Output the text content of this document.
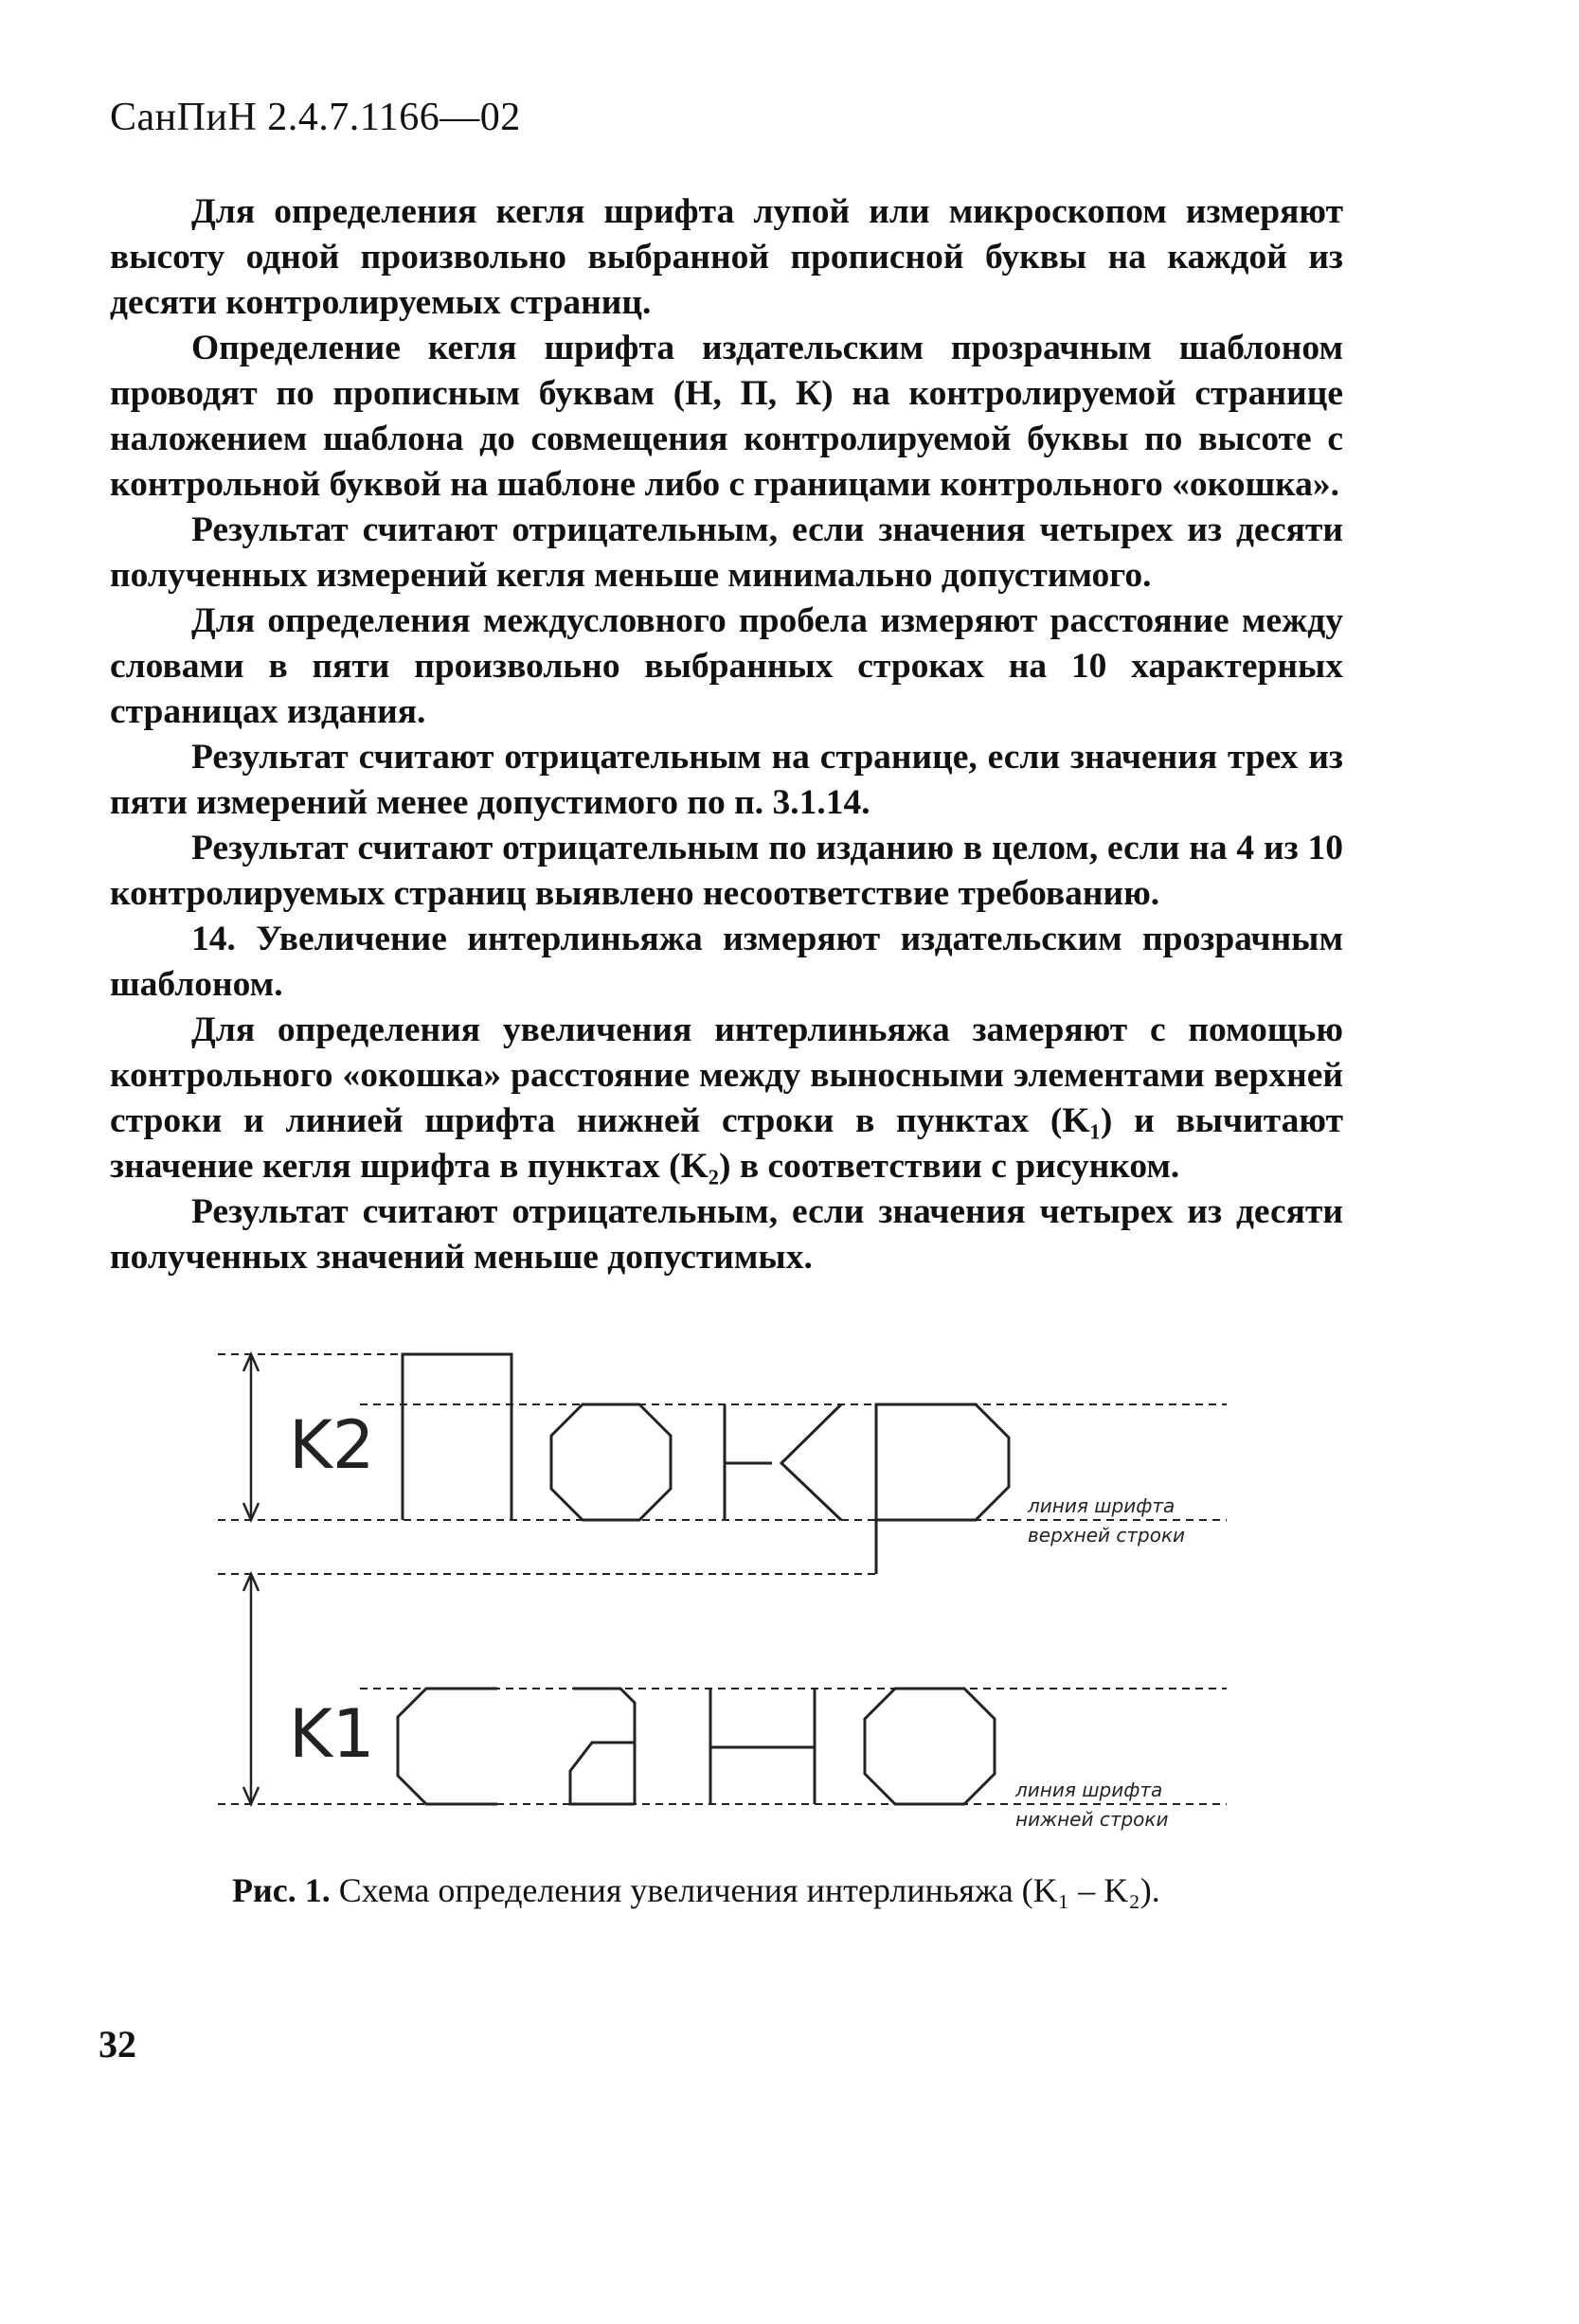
СанПиН 2.4.7.1166—02

Для определения кегля шрифта лупой или микроскопом измеряют высоту одной произвольно выбранной прописной буквы на каждой из десяти контролируемых страниц.

Определение кегля шрифта издательским прозрачным шаблоном проводят по прописным буквам (Н, П, К) на контролируемой странице наложением шаблона до совмещения контролируемой буквы по высоте с контрольной буквой на шаблоне либо с границами контрольного «окошка».

Результат считают отрицательным, если значения четырех из десяти полученных измерений кегля меньше минимально допустимого.

Для определения междусловного пробела измеряют расстояние между словами в пяти произвольно выбранных строках на 10 характерных страницах издания.

Результат считают отрицательным на странице, если значения трех из пяти измерений менее допустимого по п. 3.1.14.

Результат считают отрицательным по изданию в целом, если на 4 из 10 контролируемых страниц выявлено несоответствие требованию.

14. Увеличение интерлиньяжа измеряют издательским прозрачным шаблоном.

Для определения увеличения интерлиньяжа замеряют с помощью контрольного «окошка» расстояние между выносными элементами верхней строки и линией шрифта нижней строки в пунктах (K₁) и вычитают значение кегля шрифта в пунктах (K₂) в соответствии с рисунком.

Результат считают отрицательным, если значения четырех из десяти полученных значений меньше допустимых.

K2
K1
линия шрифта
верхней строки
линия шрифта
нижней строки
Рис. 1. Схема определения увеличения интерлиньяжа (K₁ – K₂).
32
